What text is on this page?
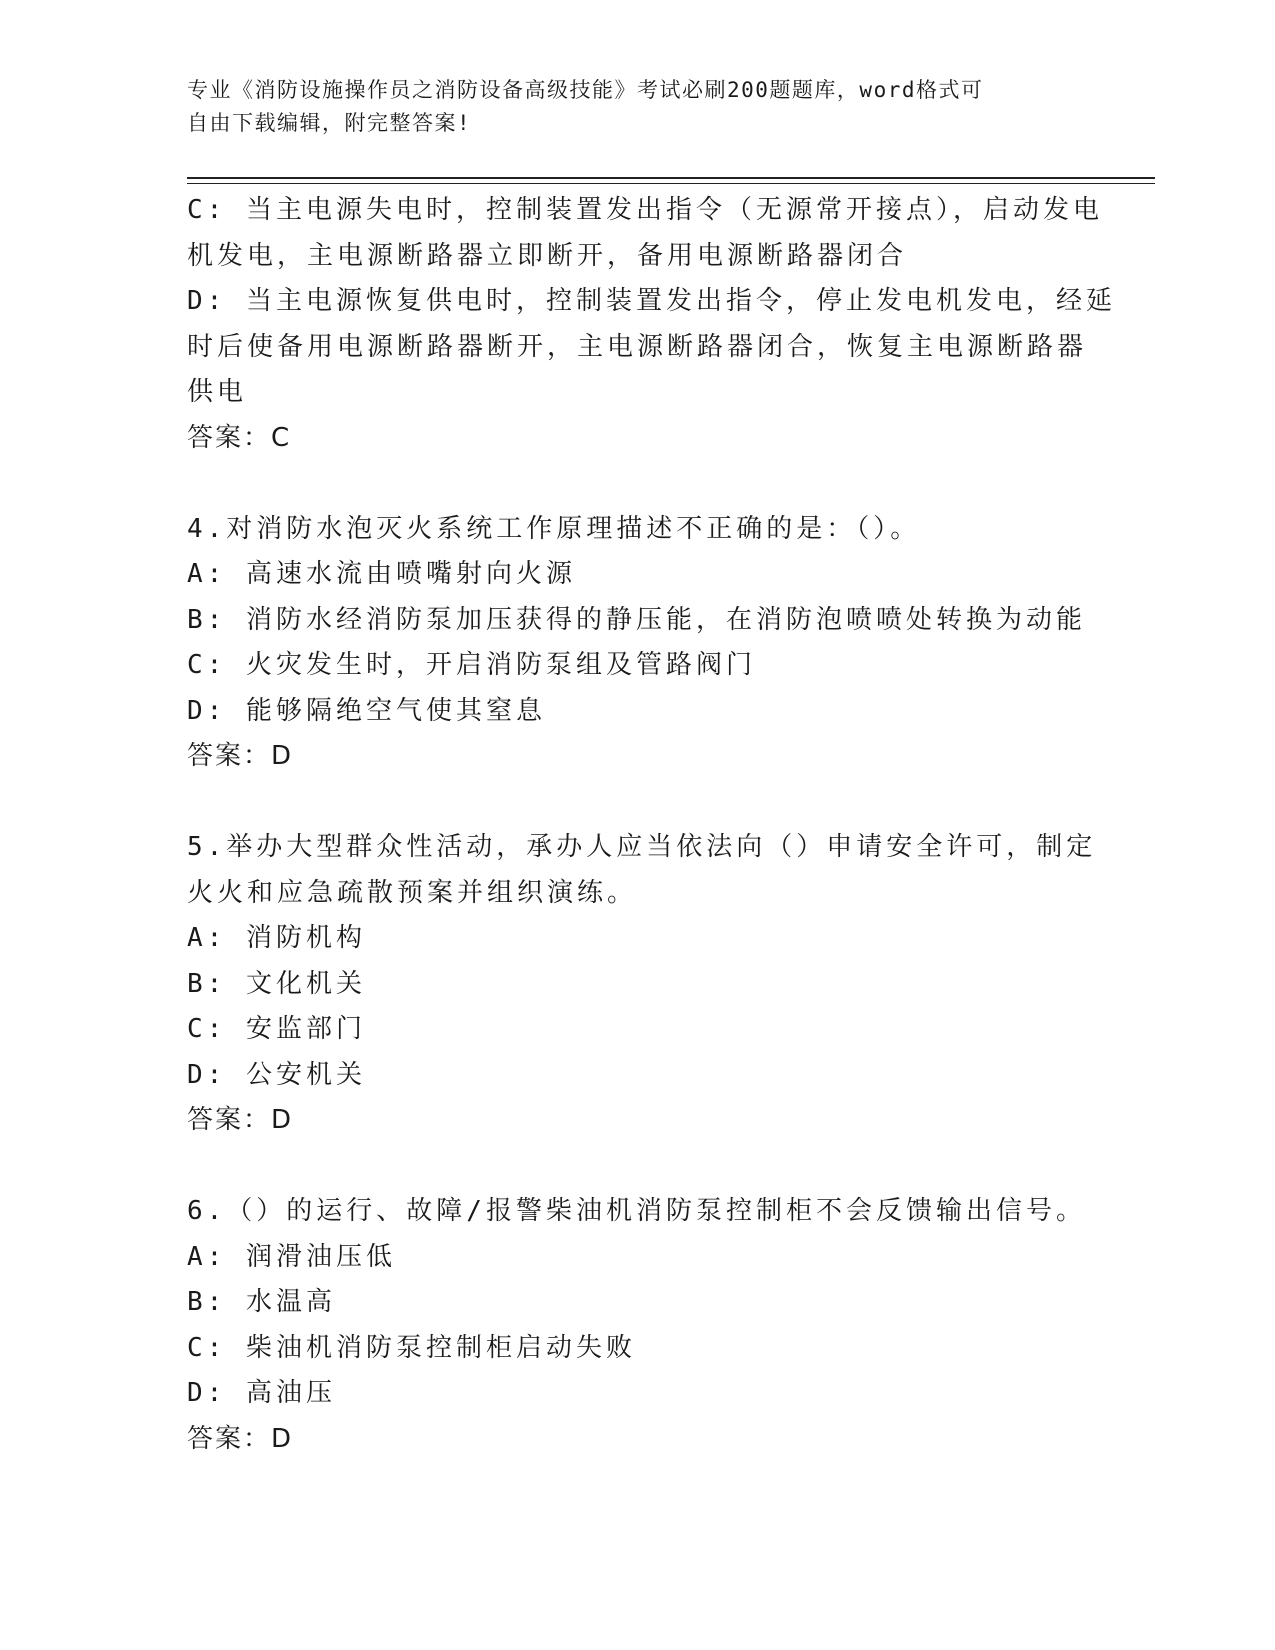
专业《消防设施操作员之消防设备高级技能》考试必刷200题题库，word格式可
自由下载编辑，附完整答案!
C: 当主电源失电时，控制装置发出指令（无源常开接点），启动发电
机发电，主电源断路器立即断开，备用电源断路器闭合
D: 当主电源恢复供电时，控制装置发出指令，停止发电机发电，经延
时后使备用电源断路器断开，主电源断路器闭合，恢复主电源断路器
供电
答案：C
4.对消防水泡灭火系统工作原理描述不正确的是：（）。
A: 高速水流由喷嘴射向火源
B: 消防水经消防泵加压获得的静压能，在消防泡喷喷处转换为动能
C: 火灾发生时，开启消防泵组及管路阀门
D: 能够隔绝空气使其窒息
答案：D
5.举办大型群众性活动，承办人应当依法向（）申请安全许可，制定
火火和应急疏散预案并组织演练。
A: 消防机构
B: 文化机关
C: 安监部门
D: 公安机关
答案：D
6.（）的运行、故障/报警柴油机消防泵控制柜不会反馈输出信号。
A: 润滑油压低
B: 水温高
C: 柴油机消防泵控制柜启动失败
D: 高油压
答案：D
